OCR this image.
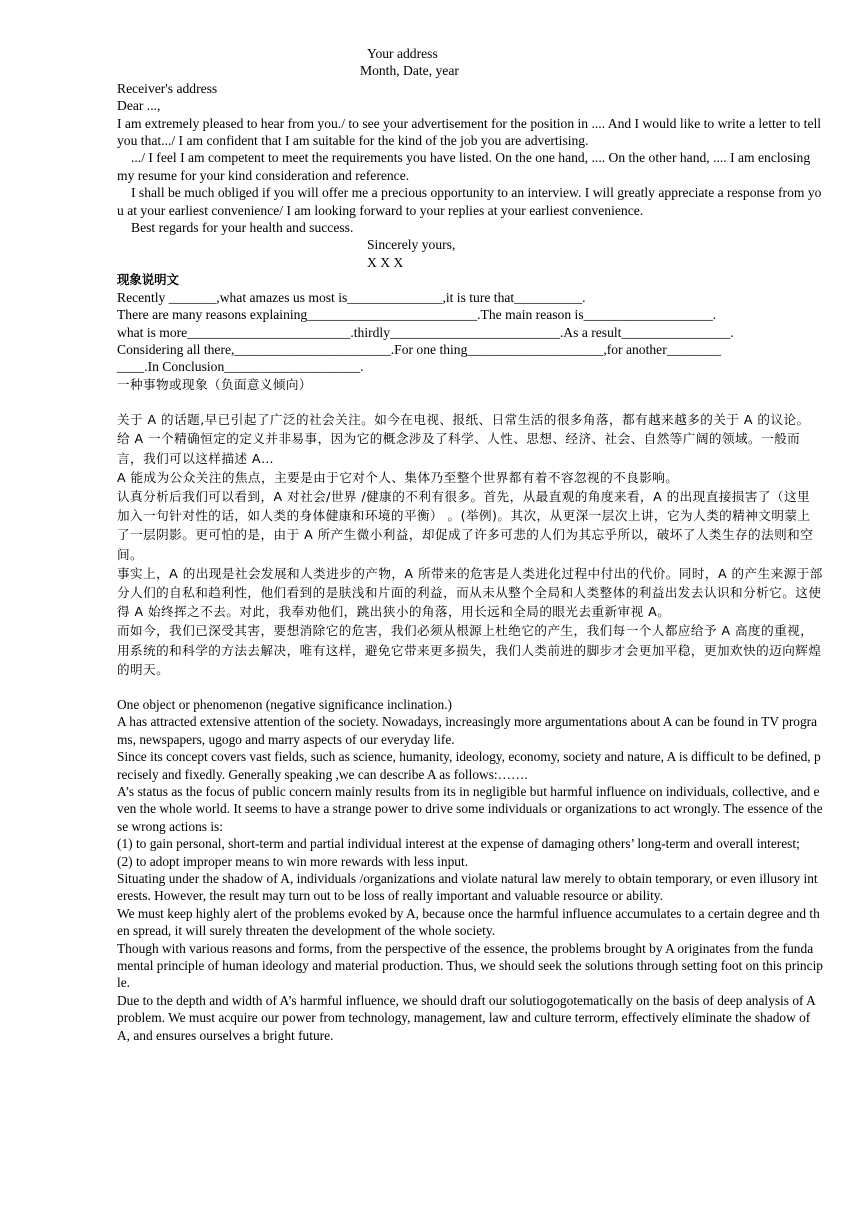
Your address
Month, Date, year
Receiver's address
Dear ...,
I am extremely pleased to hear from you./ to see your advertisement for the position in .... And I would like to write a letter to tell you that.../ I am confident that I am suitable for the kind of the job you are advertising.
.../ I feel I am competent to meet the requirements you have listed. On the one hand, .... On the other hand, .... I am enclosing my resume for your kind consideration and reference.
I shall be much obliged if you will offer me a precious opportunity to an interview. I will greatly appreciate a response from you at your earliest convenience/ I am looking forward to your replies at your earliest convenience.
Best regards for your health and success.
Sincerely yours,
X X X
现象说明文
Recently _______,what amazes us most is______________,it is ture that__________.
There are many reasons explaining_________________________.The main reason is___________________.
what is more________________________.thirdly_________________________.As a result________________.
Considering all there,_______________________.For one thing____________________,for another________
____.In Conclusion____________________.
一种事物或现象（负面意义倾向）
关于 A 的话题,早已引起了广泛的社会关注。如今在电视、报纸、日常生活的很多角落，都有越来越多的关于 A 的议论。
给 A 一个精确恒定的定义并非易事，因为它的概念涉及了科学、人性、思想、经济、社会、自然等广阔的领域。一般而言，我们可以这样描述 A…
A 能成为公众关注的焦点，主要是由于它对个人、集体乃至整个世界都有着不容忽视的不良影响。
认真分析后我们可以看到，A 对社会/世界 /健康的不利有很多。首先，从最直观的角度来看，A 的出现直接损害了（这里加入一句针对性的话，如人类的身体健康和环境的平衡） 。(举例)。其次，从更深一层次上讲，它为人类的精神文明蒙上了一层阴影。更可怕的是，由于 A 所产生微小利益，却促成了许多可悲的人们为其忘乎所以，破坏了人类生存的法则和空间。
事实上，A 的出现是社会发展和人类进步的产物，A 所带来的危害是人类进化过程中付出的代价。同时，A 的产生来源于部分人们的自私和趋利性，他们看到的是肤浅和片面的利益，而从未从整个全局和人类整体的利益出发去认识和分析它。这使得 A 始终挥之不去。对此，我奉劝他们，跳出狭小的角落，用长远和全局的眼光去重新审视 A。
而如今，我们已深受其害，要想消除它的危害，我们必须从根源上杜绝它的产生，我们每一个人都应给予 A 高度的重视，用系统的和科学的方法去解决，唯有这样，避免它带来更多损失，我们人类前进的脚步才会更加平稳，更加欢快的迈向辉煌的明天。
One object or phenomenon (negative significance inclination.)
A has attracted extensive attention of the society. Nowadays, increasingly more argumentations about A can be found in TV programs, newspapers, ugogo and marry aspects of our everyday life.
Since its concept covers vast fields, such as science, humanity, ideology, economy, society and nature, A is difficult to be defined, precisely and fixedly. Generally speaking ,we can describe A as follows:…….
A’s status as the focus of public concern mainly results from its in negligible but harmful influence on individuals, collective, and even the whole world. It seems to have a strange power to drive some individuals or organizations to act wrongly. The essence of these wrong actions is:
(1) to gain personal, short-term and partial individual interest at the expense of damaging others’ long-term and overall interest;
(2) to adopt improper means to win more rewards with less input.
Situating under the shadow of A, individuals /organizations and violate natural law merely to obtain temporary, or even illusory interests. However, the result may turn out to be loss of really important and valuable resource or ability.
We must keep highly alert of the problems evoked by A, because once the harmful influence accumulates to a certain degree and then spread, it will surely threaten the development of the whole society.
Though with various reasons and forms, from the perspective of the essence, the problems brought by A originates from the fundamental principle of human ideology and material production. Thus, we should seek the solutions through setting foot on this principle.
Due to the depth and width of A’s harmful influence, we should draft our solutiogogotematically on the basis of deep analysis of A problem. We must acquire our power from technology, management, law and culture terrorm, effectively eliminate the shadow of A, and ensures ourselves a bright future.
